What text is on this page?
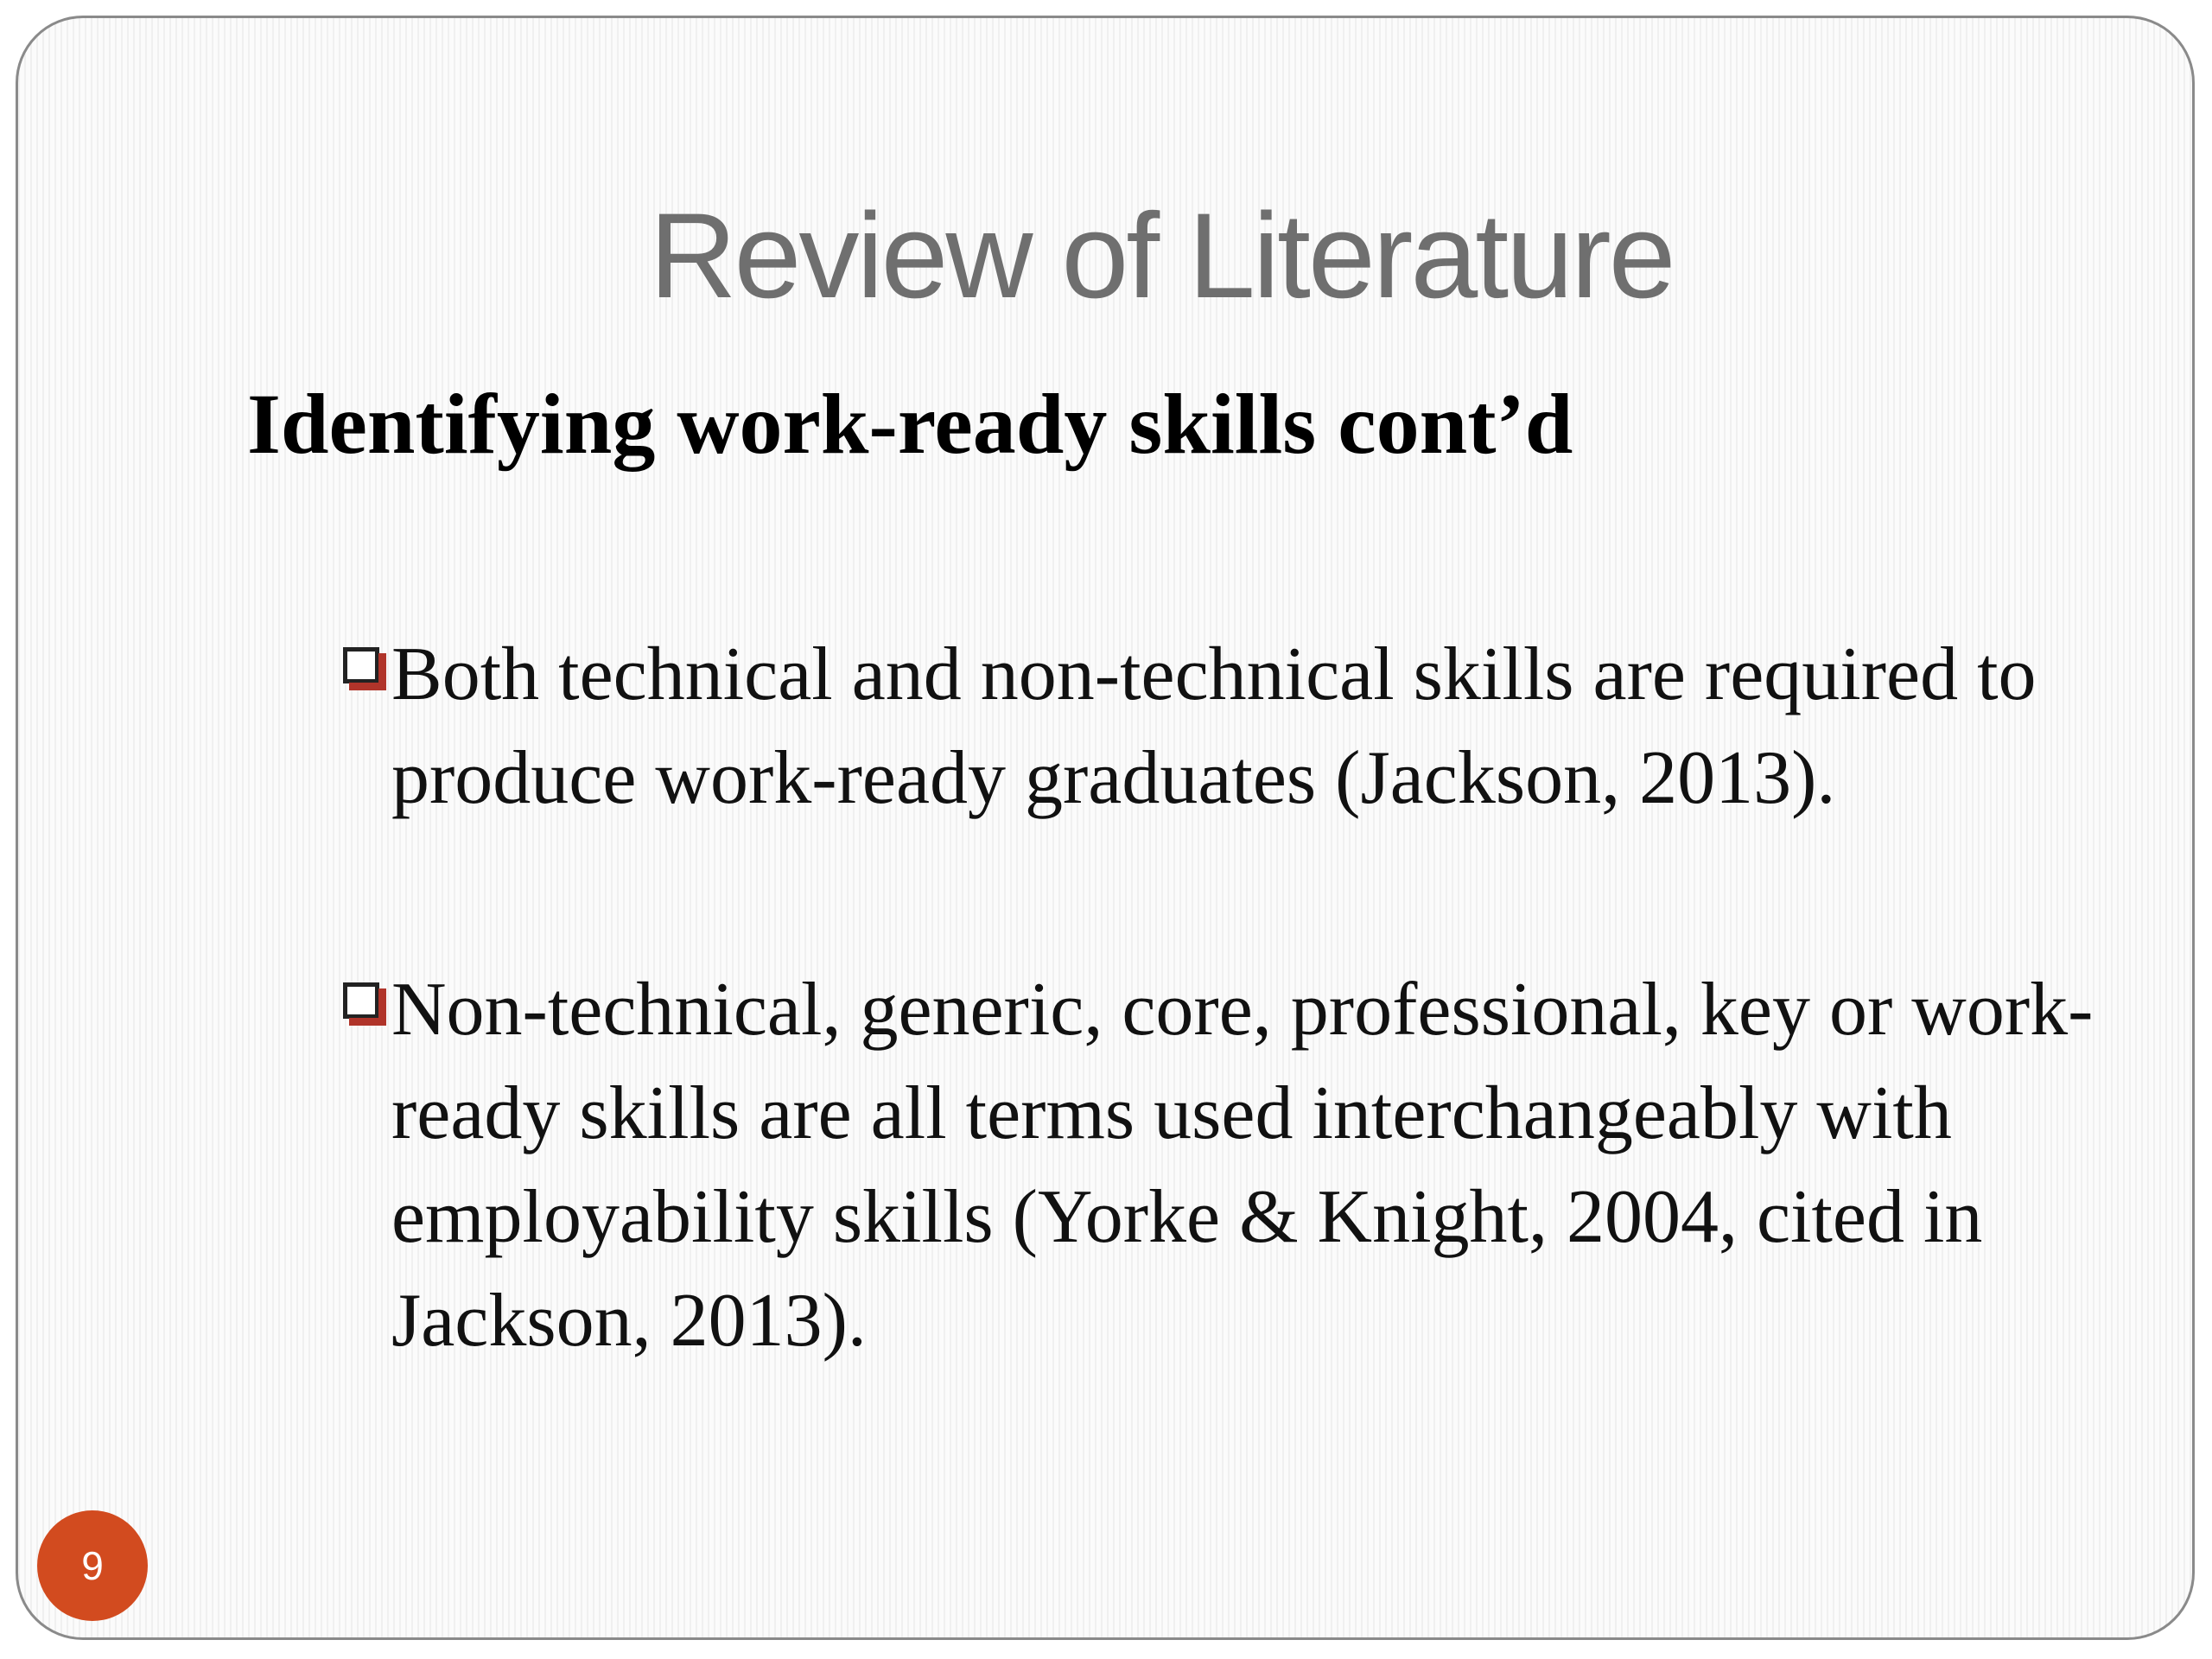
Review of Literature
Identifying work-ready skills cont’d
Both technical and non-technical skills are required to produce work-ready graduates (Jackson, 2013).
Non-technical, generic, core, professional, key or work-ready skills are all terms used interchangeably with employability skills (Yorke & Knight, 2004, cited in Jackson, 2013).
9
